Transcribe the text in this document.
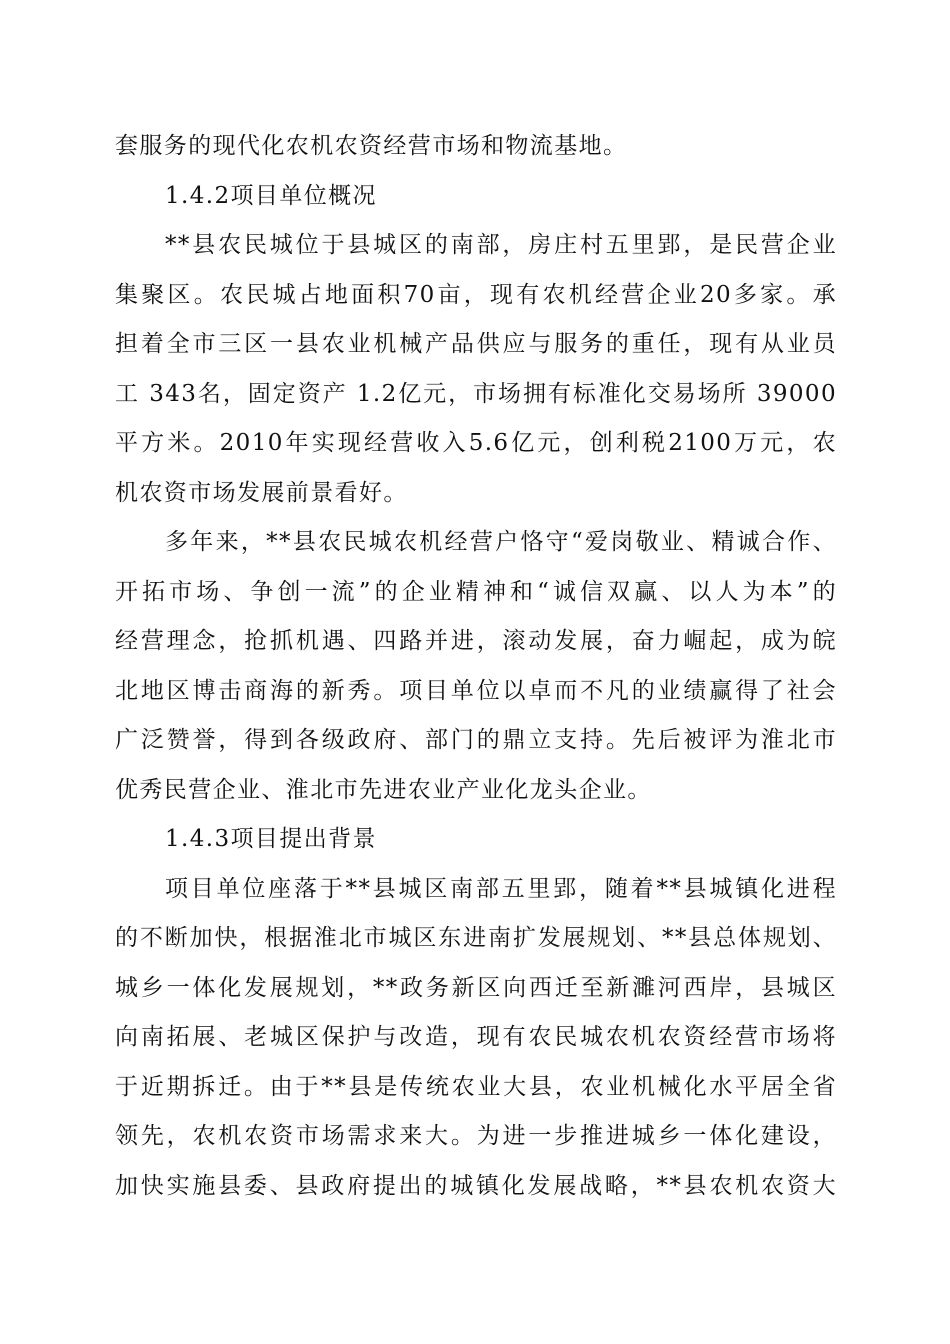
套服务的现代化农机农资经营市场和物流基地。
1.4.2项目单位概况
**县农民城位于县城区的南部，房庄村五里郢，是民营企业
集聚区。农民城占地面积70亩，现有农机经营企业20多家。承
担着全市三区一县农业机械产品供应与服务的重任，现有从业员
工 343名，固定资产 1.2亿元，市场拥有标准化交易场所 39000
平方米。2010年实现经营收入5.6亿元，创利税2100万元，农
机农资市场发展前景看好。
多年来，**县农民城农机经营户恪守“爱岗敬业、精诚合作、
开拓市场、争创一流”的企业精神和“诚信双赢、以人为本”的
经营理念，抢抓机遇、四路并进，滚动发展，奋力崛起，成为皖
北地区博击商海的新秀。项目单位以卓而不凡的业绩赢得了社会
广泛赞誉，得到各级政府、部门的鼎立支持。先后被评为淮北市
优秀民营企业、淮北市先进农业产业化龙头企业。
1.4.3项目提出背景
项目单位座落于**县城区南部五里郢，随着**县城镇化进程
的不断加快，根据淮北市城区东进南扩发展规划、**县总体规划、
城乡一体化发展规划，**政务新区向西迁至新濉河西岸，县城区
向南拓展、老城区保护与改造，现有农民城农机农资经营市场将
于近期拆迁。由于**县是传统农业大县，农业机械化水平居全省
领先，农机农资市场需求来大。为进一步推进城乡一体化建设，
加快实施县委、县政府提出的城镇化发展战略，**县农机农资大
